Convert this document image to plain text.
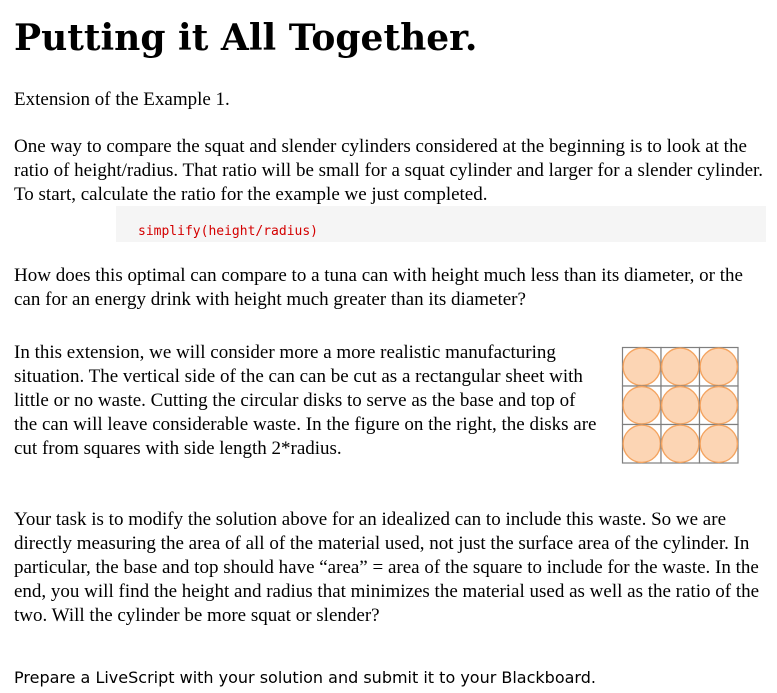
Putting it All Together.

Extension of the Example 1.

One way to compare the squat and slender cylinders considered at the beginning is to look at the ratio of height/radius. That ratio will be small for a squat cylinder and larger for a slender cylinder. To start, calculate the ratio for the example we just completed.

simplify(height/radius)

How does this optimal can compare to a tuna can with height much less than its diameter, or the can for an energy drink with height much greater than its diameter?

In this extension, we will consider more a more realistic manufacturing situation. The vertical side of the can can be cut as a rectangular sheet with little or no waste. Cutting the circular disks to serve as the base and top of the can will leave considerable waste. In the figure on the right, the disks are cut from squares with side length 2*radius.

Your task is to modify the solution above for an idealized can to include this waste. So we are directly measuring the area of all of the material used, not just the surface area of the cylinder. In particular, the base and top should have “area” = area of the square to include for the waste. In the end, you will find the height and radius that minimizes the material used as well as the ratio of the two. Will the cylinder be more squat or slender?

Prepare a LiveScript with your solution and submit it to your Blackboard.
